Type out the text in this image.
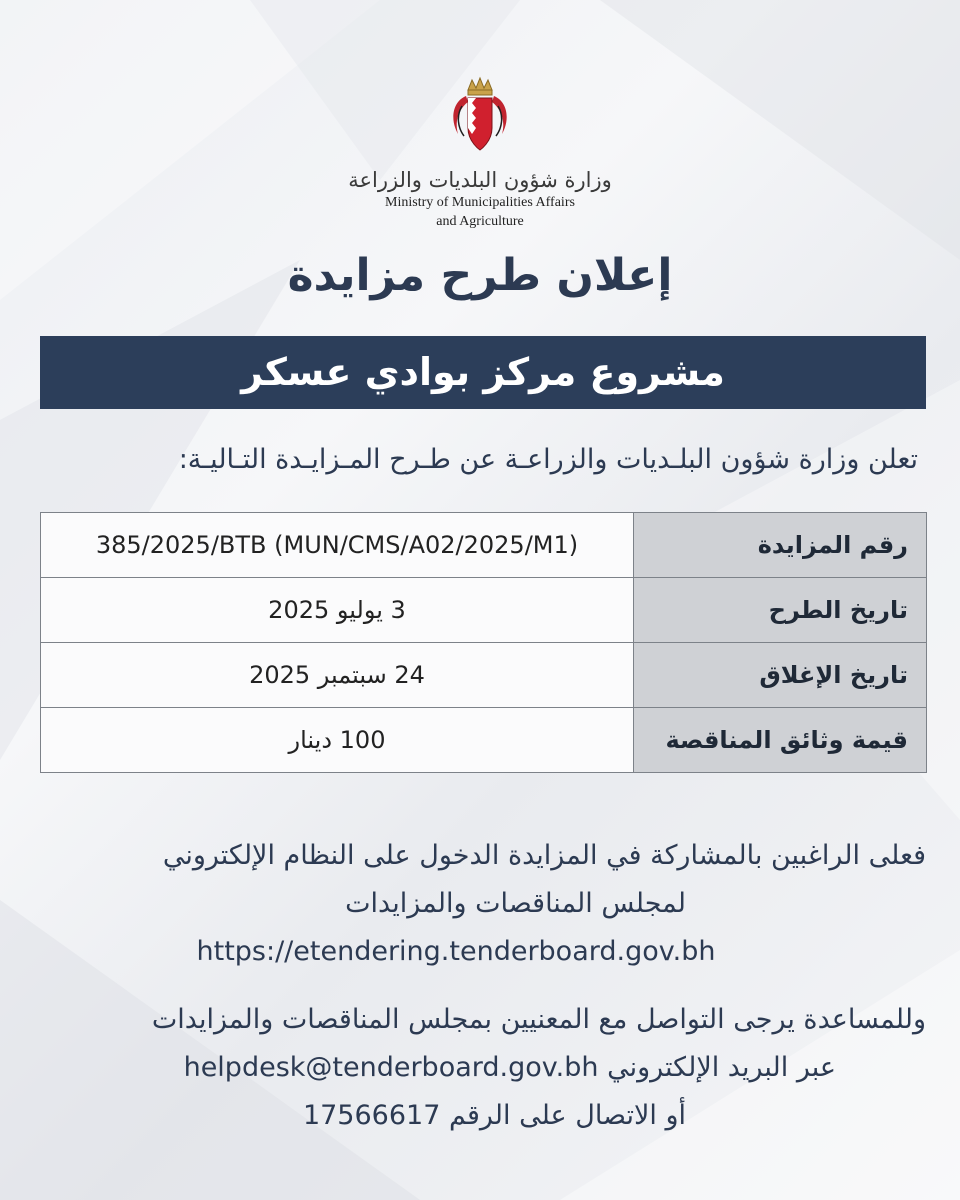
وزارة شؤون البلديات والزراعة
Ministry of Municipalities Affairs
and Agriculture
إعلان طرح مزايدة
مشروع مركز بوادي عسكر
تعلن وزارة شؤون البلـديات والزراعـة عن طـرح المـزايـدة التـاليـة:
385/2025/BTB (MUN/CMS/A02/2025/M1)	رقم المزايدة
3 يوليو 2025	تاريخ الطرح
24 سبتمبر 2025	تاريخ الإغلاق
100 دينار	قيمة وثائق المناقصة
فعلى الراغبين بالمشاركة في المزايدة الدخول على النظام الإلكتروني
لمجلس المناقصات والمزايدات
https://etendering.tenderboard.gov.bh
وللمساعدة يرجى التواصل مع المعنيين بمجلس المناقصات والمزايدات
عبر البريد الإلكتروني helpdesk@tenderboard.gov.bh
أو الاتصال على الرقم 17566617
